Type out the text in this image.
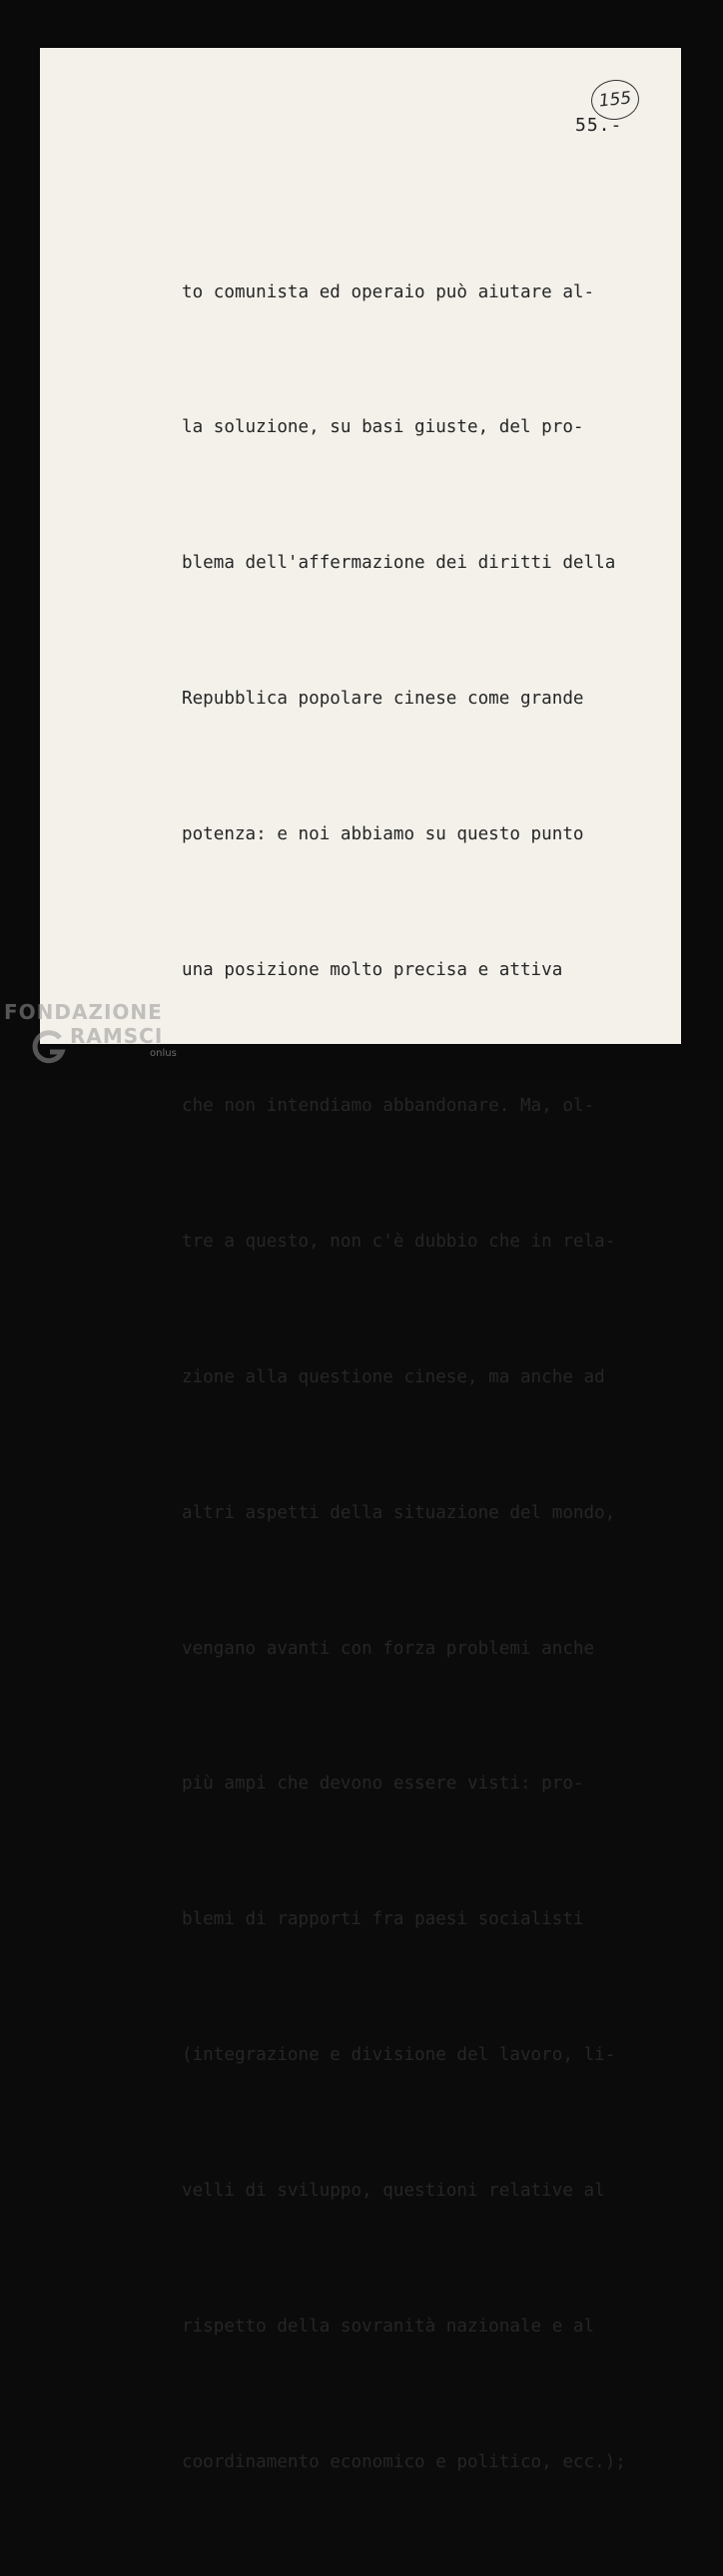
155
55.-

to comunista ed operaio può aiutare al-

la soluzione, su basi giuste, del pro-

blema dell'affermazione dei diritti della

Repubblica popolare cinese come grande

potenza: e noi abbiamo su questo punto

una posizione molto precisa e attiva

che non intendiamo abbandonare. Ma, ol-

tre a questo, non c'è dubbio che in rela-

zione alla questione cinese, ma anche ad

altri aspetti della situazione del mondo,

vengano avanti con forza problemi anche

più ampi che devono essere visti: pro-

blemi di rapporti fra paesi socialisti

(integrazione e divisione del lavoro, li-

velli di sviluppo, questioni relative al

rispetto della sovranità nazionale e al

coordinamento economico e politico, ecc.);

FONDAZIONE
RAMSCI
onlus
